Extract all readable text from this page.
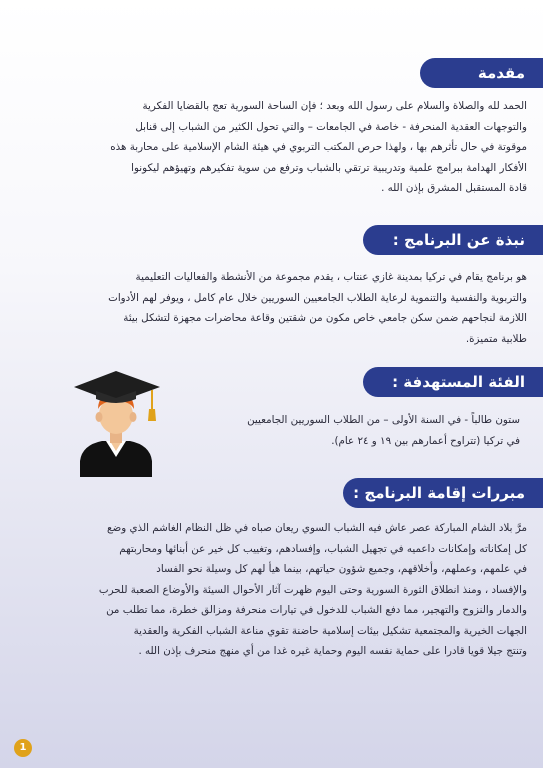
مقدمة
الحمد لله والصلاة والسلام على رسول الله وبعد ؛ فإن الساحة السورية تعج بالقضايا الفكرية
والتوجهات العقدية المنحرفة - خاصة في الجامعات – والتي تحول الكثير من الشباب إلى قنابل
موقوتة في حال تأثرهم بها ، ولهذا حرص المكتب التربوي في هيئة الشام الإسلامية على محاربة هذه
الأفكار الهدامة ببرامج علمية وتدريبية ترتقي بالشباب وترفع من سوية تفكيرهم وتهيؤهم ليكونوا
قادة المستقبل المشرق بإذن الله .
نبذة عن البرنامج :
هو برنامج يقام في تركيا بمدينة غازي عنتاب ، يقدم مجموعة من الأنشطة والفعاليات التعليمية
والتربوية والنفسية والتنموية لرعاية الطلاب الجامعيين السوريين خلال عام كامل ، ويوفر لهم الأدوات
اللازمة لنجاحهم ضمن سكن جامعي خاص مكون من شقتين وقاعة محاضرات مجهزة لتشكل بيئة
طلابية متميزة.
الفئة المستهدفة :
ستون طالباً - في السنة الأولى – من الطلاب السوريين الجامعيين
في تركيا (تتراوح أعمارهم بين ١٩ و ٢٤ عام).
مبررات إقامة البرنامج :
مرَّ بلاد الشام المباركة عصر عاش فيه الشباب السوي ريعان صباه في ظل النظام الغاشم الذي وضع
كل إمكاناته وإمكانات داعميه في تجهيل الشباب، وإفسادهم، وتغييب كل خير عن أبنائها ومحاربتهم
في علمهم، وعملهم، وأخلاقهم، وجميع شؤون حياتهم، بينما هيأ لهم كل وسيلة نحو الفساد
والإفساد ، ومنذ انطلاق الثورة السورية وحتى اليوم ظهرت آثار الأحوال السيئة والأوضاع الصعبة للحرب
والدمار والنزوح والتهجير، مما دفع الشباب للدخول في تيارات منحرفة ومزالق خطرة، مما تطلب من
الجهات الخيرية والمجتمعية تشكيل بيئات إسلامية حاضنة تقوي مناعة الشباب الفكرية والعقدية
وتنتج جيلا قويا قادرا على حماية نفسه اليوم وحماية غيره غدا من أي منهج منحرف بإذن الله .
1
